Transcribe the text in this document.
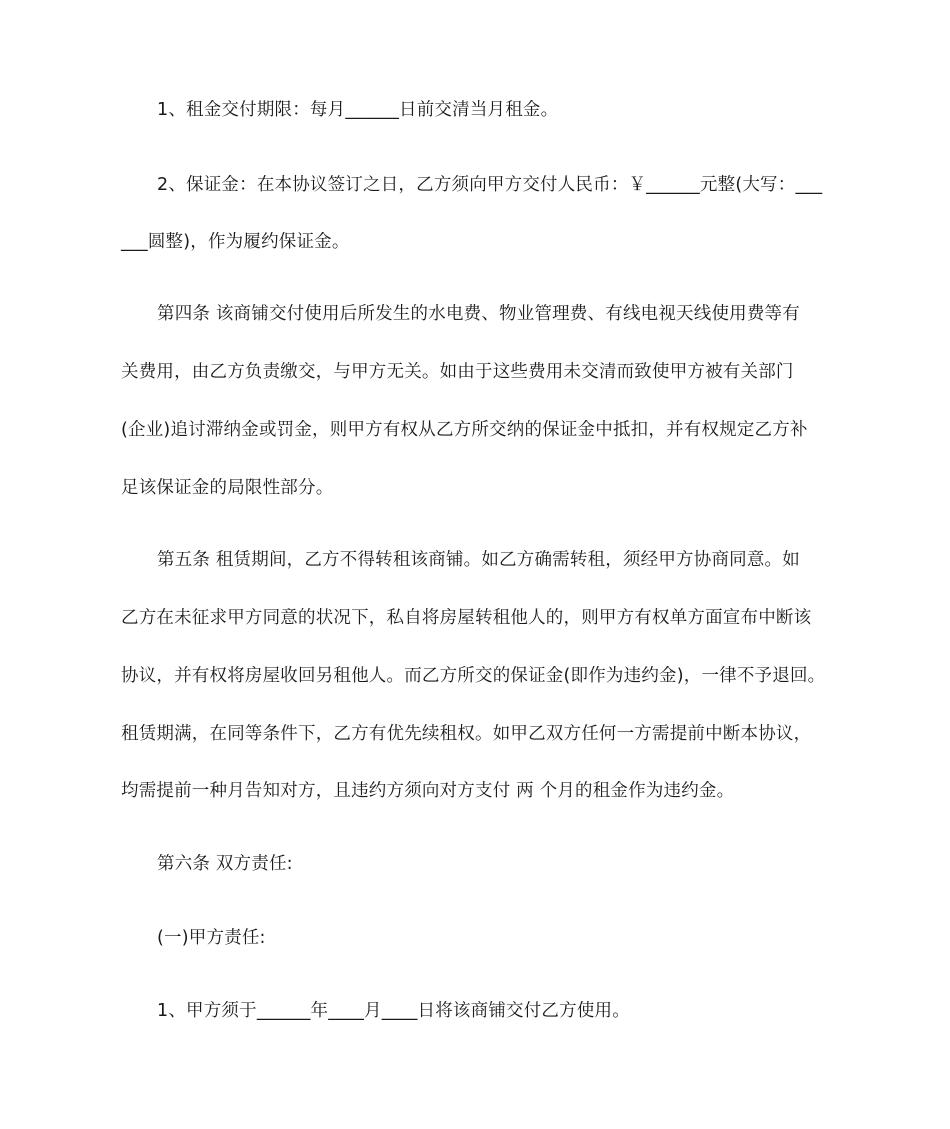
1、租金交付期限：每月______日前交清当月租金。
2、保证金：在本协议签订之日，乙方须向甲方交付人民币：￥______元整(大写：___
___圆整)，作为履约保证金。
第四条 该商铺交付使用后所发生的水电费、物业管理费、有线电视天线使用费等有
关费用，由乙方负责缴交，与甲方无关。如由于这些费用未交清而致使甲方被有关部门
(企业)追讨滞纳金或罚金，则甲方有权从乙方所交纳的保证金中抵扣，并有权规定乙方补
足该保证金的局限性部分。
第五条 租赁期间，乙方不得转租该商铺。如乙方确需转租，须经甲方协商同意。如
乙方在未征求甲方同意的状况下，私自将房屋转租他人的，则甲方有权单方面宣布中断该
协议，并有权将房屋收回另租他人。而乙方所交的保证金(即作为违约金)，一律不予退回。
租赁期满，在同等条件下，乙方有优先续租权。如甲乙双方任何一方需提前中断本协议，
均需提前一种月告知对方，且违约方须向对方支付 两 个月的租金作为违约金。
第六条 双方责任:
(一)甲方责任:
1、甲方须于______年____月____日将该商铺交付乙方使用。
